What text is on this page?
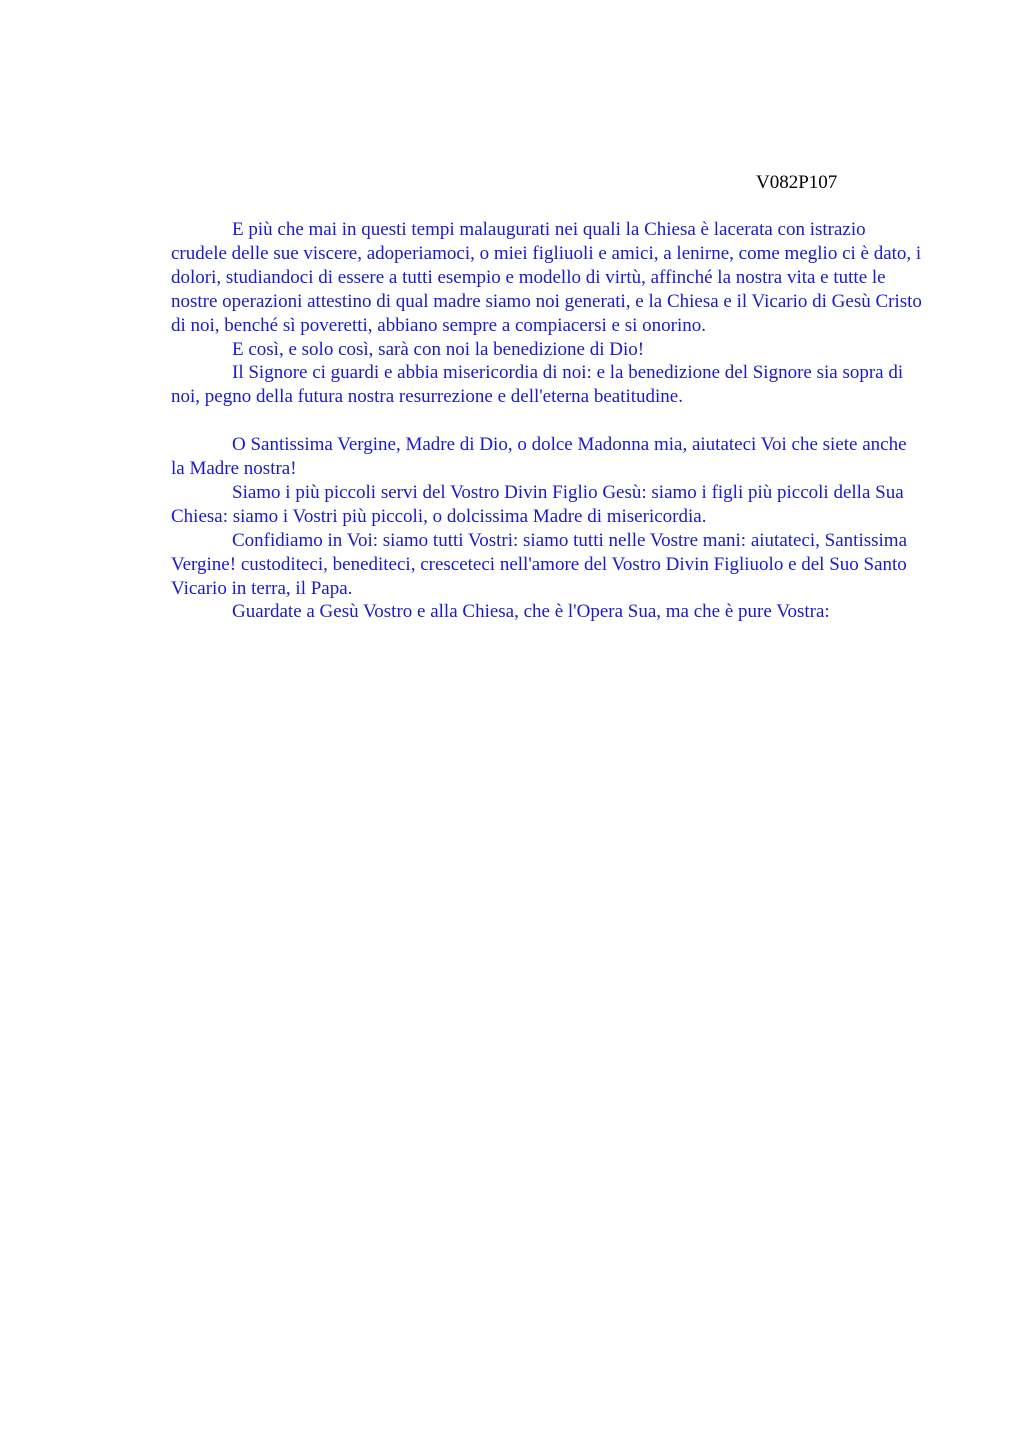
V082P107

E più che mai in questi tempi malaugurati nei quali la Chiesa è lacerata con istrazio crudele delle sue viscere, adoperiamoci, o miei figliuoli e amici, a lenirne, come meglio ci è dato, i dolori, studiandoci di essere a tutti esempio e modello di virtù, affinché la nostra vita e tutte le nostre operazioni attestino di qual madre siamo noi generati, e la Chiesa e il Vicario di Gesù Cristo di noi, benché sì poveretti, abbiano sempre a compiacersi e si onorino.

E così, e solo così, sarà con noi la benedizione di Dio!

Il Signore ci guardi e abbia misericordia di noi: e la benedizione del Signore sia sopra di noi, pegno della futura nostra resurrezione e dell'eterna beatitudine.

O Santissima Vergine, Madre di Dio, o dolce Madonna mia, aiutateci Voi che siete anche la Madre nostra!

Siamo i più piccoli servi del Vostro Divin Figlio Gesù: siamo i figli più piccoli della Sua Chiesa: siamo i Vostri più piccoli, o dolcissima Madre di misericordia.

Confidiamo in Voi: siamo tutti Vostri: siamo tutti nelle Vostre mani: aiutateci, Santissima Vergine! custoditeci, benediteci, cresceteci nell'amore del Vostro Divin Figliuolo e del Suo Santo Vicario in terra, il Papa.

Guardate a Gesù Vostro e alla Chiesa, che è l'Opera Sua, ma che è pure Vostra:
